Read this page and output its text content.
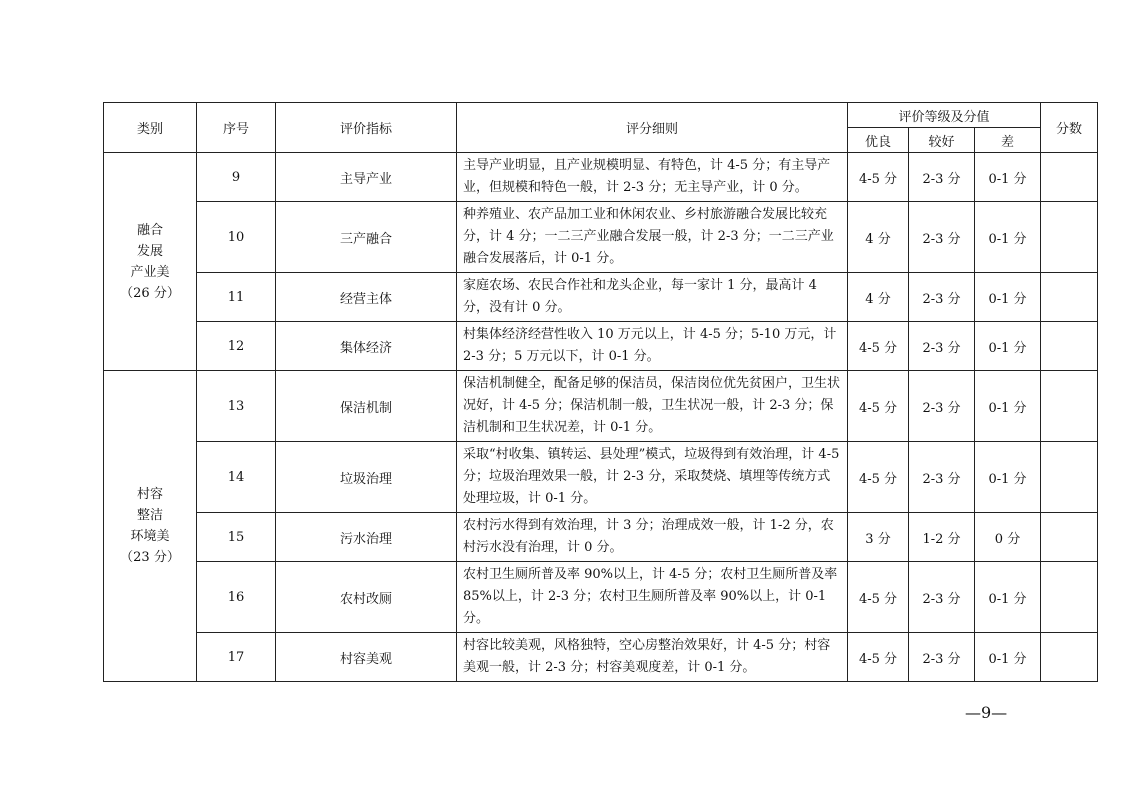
类别	序号	评价指标	评分细则	评价等级及分值			分数
				优良	较好	差	

融合
发展
产业美
（26 分）	9	主导产业	主导产业明显，且产业规模明显、有特色，计 4-5 分；有主导产业，但规模和特色一般，计 2-3 分；无主导产业，计 0 分。	4-5 分	2-3 分	0-1 分	
	10	三产融合	种养殖业、农产品加工业和休闲农业、乡村旅游融合发展比较充分，计 4 分；一二三产业融合发展一般，计 2-3 分；一二三产业融合发展落后，计 0-1 分。	4 分	2-3 分	0-1 分	
	11	经营主体	家庭农场、农民合作社和龙头企业，每一家计 1 分，最高计 4 分，没有计 0 分。	4 分	2-3 分	0-1 分	
	12	集体经济	村集体经济经营性收入 10 万元以上，计 4-5 分；5-10 万元，计 2-3 分；5 万元以下，计 0-1 分。	4-5 分	2-3 分	0-1 分	

村容
整洁
环境美
（23 分）	13	保洁机制	保洁机制健全，配备足够的保洁员，保洁岗位优先贫困户，卫生状况好，计 4-5 分；保洁机制一般，卫生状况一般，计 2-3 分；保洁机制和卫生状况差，计 0-1 分。	4-5 分	2-3 分	0-1 分	
	14	垃圾治理	采取“村收集、镇转运、县处理”模式，垃圾得到有效治理，计 4-5 分；垃圾治理效果一般，计 2-3 分，采取焚烧、填埋等传统方式处理垃圾，计 0-1 分。	4-5 分	2-3 分	0-1 分	
	15	污水治理	农村污水得到有效治理，计 3 分；治理成效一般，计 1-2 分，农村污水没有治理，计 0 分。	3 分	1-2 分	0 分	
	16	农村改厕	农村卫生厕所普及率 90%以上，计 4-5 分；农村卫生厕所普及率 85%以上，计 2-3 分；农村卫生厕所普及率 90%以上，计 0-1 分。	4-5 分	2-3 分	0-1 分	
	17	村容美观	村容比较美观，风格独特，空心房整治效果好，计 4-5 分；村容美观一般，计 2-3 分；村容美观度差，计 0-1 分。	4-5 分	2-3 分	0-1 分	
—9—
